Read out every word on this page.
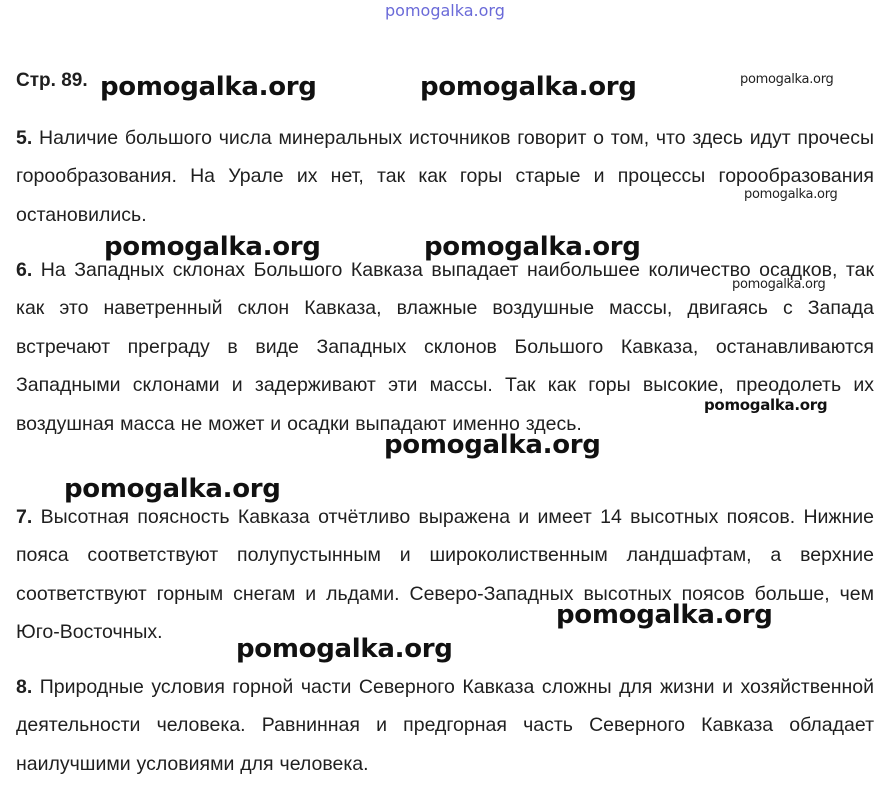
pomogalka.org
Стр. 89.

5. Наличие большого числа минеральных источников говорит о том, что здесь идут прочесы горообразования. На Урале их нет, так как горы старые и процессы горообразования остановились.

6. На Западных склонах Большого Кавказа выпадает наибольшее количество осадков, так как это наветренный склон Кавказа, влажные воздушные массы, двигаясь с Запада встречают преграду в виде Западных склонов Большого Кавказа, останавливаются Западными склонами и задерживают эти массы. Так как горы высокие, преодолеть их воздушная масса не может и осадки выпадают именно здесь.

7. Высотная поясность Кавказа отчётливо выражена и имеет 14 высотных поясов. Нижние пояса соответствуют полупустынным и широколиственным ландшафтам, а верхние соответствуют горным снегам и льдами. Северо-Западных высотных поясов больше, чем Юго-Восточных.

8. Природные условия горной части Северного Кавказа сложны для жизни и хозяйственной деятельности человека. Равнинная и предгорная часть Северного Кавказа обладает наилучшими условиями для человека.

pomogalka.org	pomogalka.org	pomogalka.org
pomogalka.org
pomogalka.org	pomogalka.org
pomogalka.org
pomogalka.org
pomogalka.org
pomogalka.org
pomogalka.org
pomogalka.org
